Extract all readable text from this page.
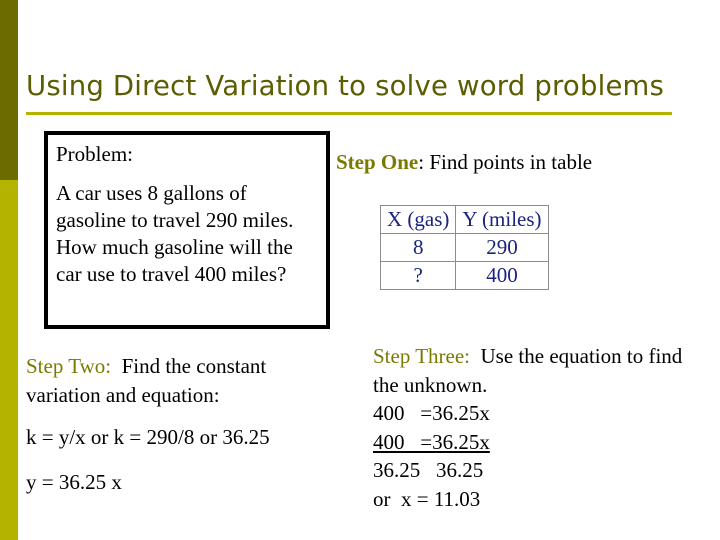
Using Direct Variation to solve word problems
Problem:
A car uses 8 gallons of gasoline to travel 290 miles. How much gasoline will the car use to travel 400 miles?
Step One: Find points in table
X (gas)	Y (miles)
8	290
?	400
Step Two:  Find the constant variation and equation:
k = y/x or k = 290/8 or 36.25
y = 36.25 x
Step Three:  Use the equation to find the unknown.
400   =36.25x
400   =36.25x
36.25   36.25
or  x = 11.03
